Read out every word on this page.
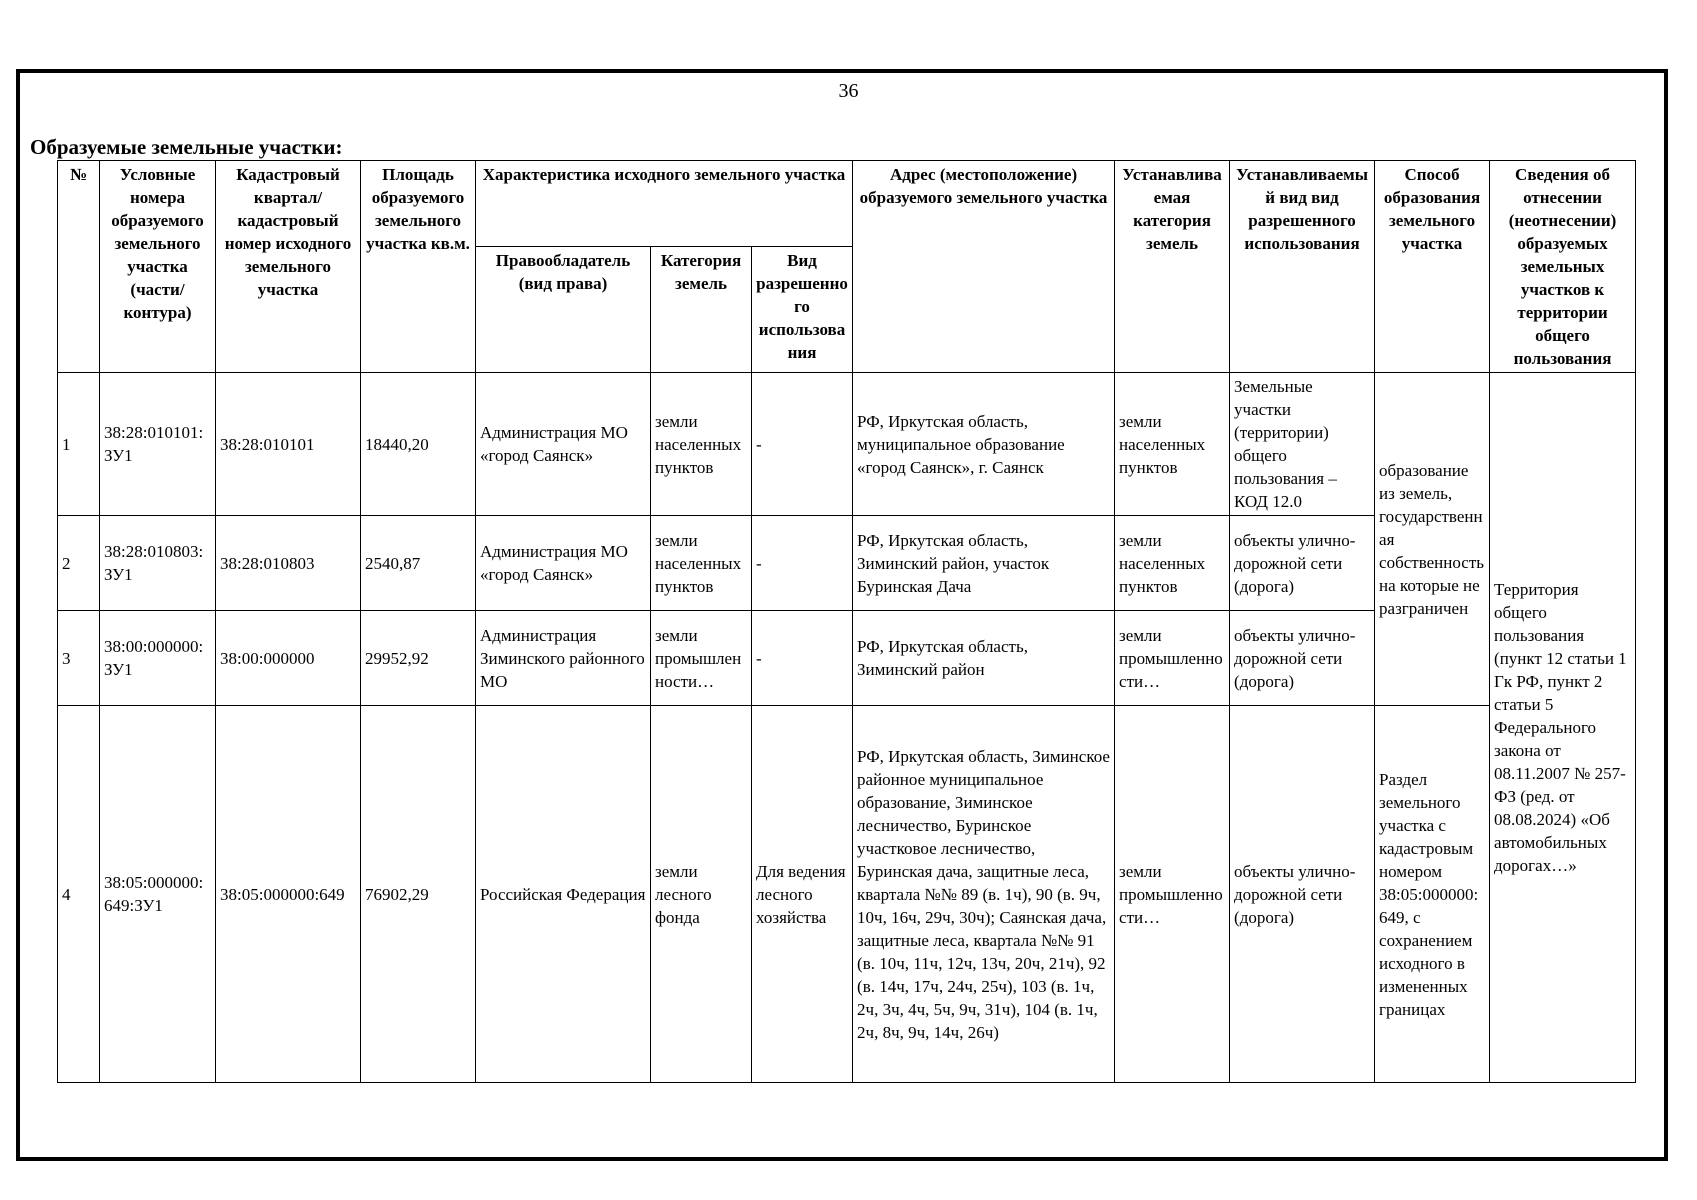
36
Образуемые земельные участки:
№	Условные номера образуемого земельного участка (части/контура)	Кадастровый квартал/кадастровый номер исходного земельного участка	Площадь образуемого земельного участка кв.м.	Характеристика исходного земельного участка			Адрес (местоположение) образуемого земельного участка	Устанавливаемая категория земель	Устанавливаемый вид вид разрешенного использования	Способ образования земельного участка	Сведения об отнесении (неотнесении) образуемых земельных участков к территории общего пользования
				Правообладатель (вид права)	Категория земель	Вид разрешенного использования					
1	38:28:010101:ЗУ1	38:28:010101	18440,20	Администрация МО «город Саянск»	земли населенных пунктов	-	РФ, Иркутская область, муниципальное образование «город Саянск», г. Саянск	земли населенных пунктов	Земельные участки (территории) общего пользования – КОД 12.0	образование из земель, государственная собственность на которые не разграничен	Территория общего пользования (пункт 12 статьи 1 Гк РФ, пункт 2 статьи 5 Федерального закона от 08.11.2007 № 257-ФЗ (ред. от 08.08.2024) «Об автомобильных дорогах…»
2	38:28:010803:ЗУ1	38:28:010803	2540,87	Администрация МО «город Саянск»	земли населенных пунктов	-	РФ, Иркутская область, Зиминский район, участок Буринская Дача	земли населенных пунктов	объекты улично-дорожной сети (дорога)		
3	38:00:000000:ЗУ1	38:00:000000	29952,92	Администрация Зиминского районного МО	земли промышленности…	-	РФ, Иркутская область, Зиминский район	земли промышленности…	объекты улично-дорожной сети (дорога)		
4	38:05:000000:649:ЗУ1	38:05:000000:649	76902,29	Российская Федерация	земли лесного фонда	Для ведения лесного хозяйства	РФ, Иркутская область, Зиминское районное муниципальное образование, Зиминское лесничество, Буринское участковое лесничество, Буринская дача, защитные леса, квартала №№ 89 (в. 1ч), 90 (в. 9ч, 10ч, 16ч, 29ч, 30ч); Саянская дача, защитные леса, квартала №№ 91 (в. 10ч, 11ч, 12ч, 13ч, 20ч, 21ч), 92 (в. 14ч, 17ч, 24ч, 25ч), 103 (в. 1ч, 2ч, 3ч, 4ч, 5ч, 9ч, 31ч), 104 (в. 1ч, 2ч, 8ч, 9ч, 14ч, 26ч)	земли промышленности…	объекты улично-дорожной сети (дорога)	Раздел земельного участка с кадастровым номером 38:05:000000:649, с сохранением исходного в измененных границах	
